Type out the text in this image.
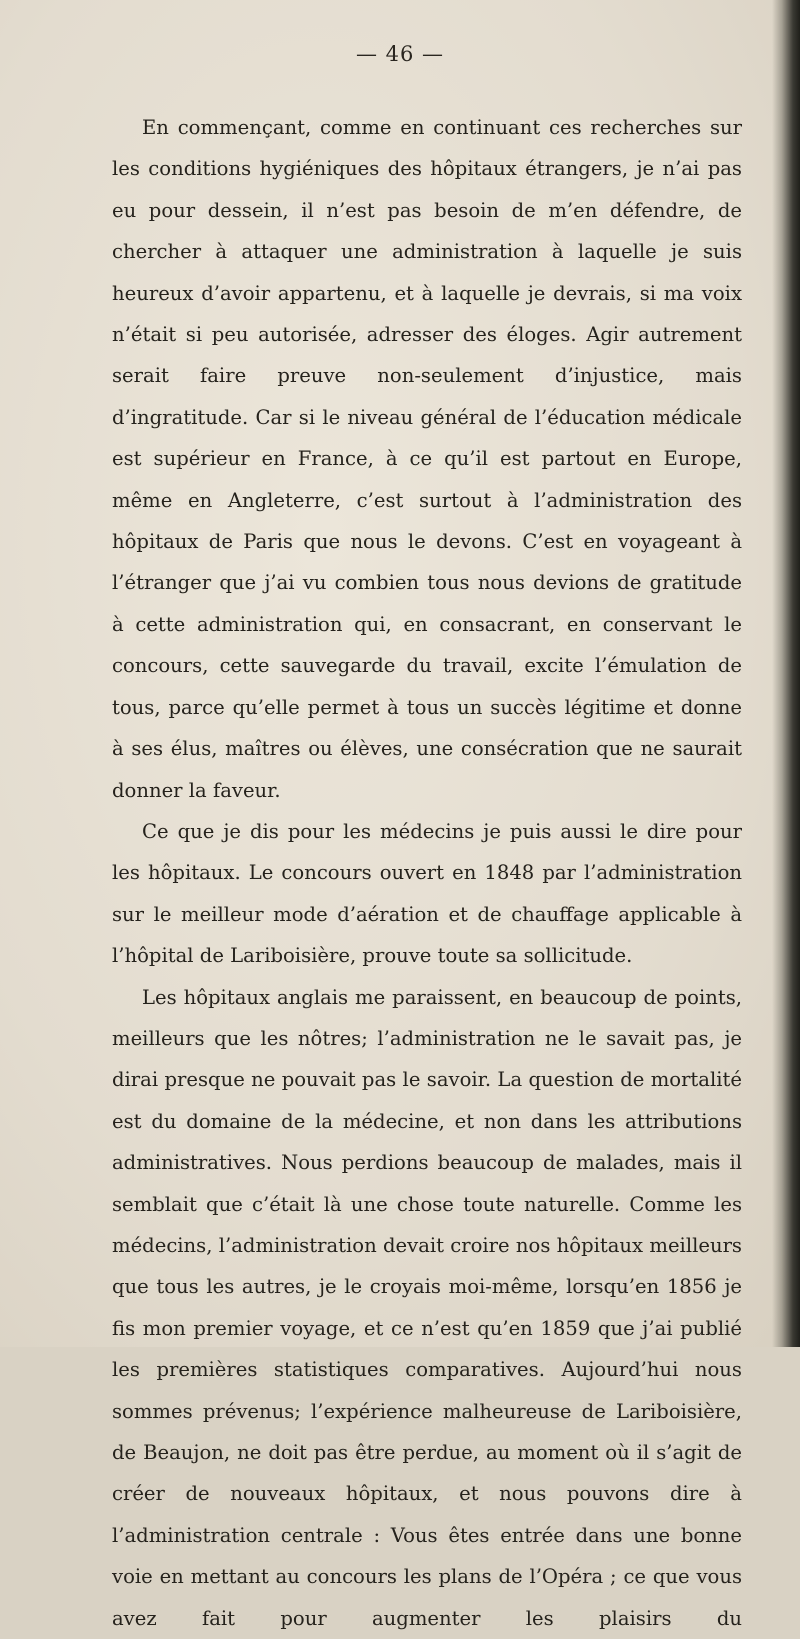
— 46 —

En commençant, comme en continuant ces recherches sur les conditions hygiéniques des hôpitaux étrangers, je n’ai pas eu pour dessein, il n’est pas besoin de m’en défendre, de chercher à attaquer une administration à laquelle je suis heureux d’avoir appartenu, et à laquelle je devrais, si ma voix n’était si peu autorisée, adresser des éloges. Agir autrement serait faire preuve non-seulement d’injustice, mais d’ingratitude. Car si le niveau général de l’éducation médicale est supérieur en France, à ce qu’il est partout en Europe, même en Angleterre, c’est surtout à l’administration des hôpitaux de Paris que nous le devons. C’est en voyageant à l’étranger que j’ai vu combien tous nous devions de gratitude à cette administration qui, en consacrant, en conservant le concours, cette sauvegarde du travail, excite l’émulation de tous, parce qu’elle permet à tous un succès légitime et donne à ses élus, maîtres ou élèves, une consécration que ne saurait donner la faveur.

Ce que je dis pour les médecins je puis aussi le dire pour les hôpitaux. Le concours ouvert en 1848 par l’administration sur le meilleur mode d’aération et de chauffage applicable à l’hôpital de Lariboisière, prouve toute sa sollicitude.

Les hôpitaux anglais me paraissent, en beaucoup de points, meilleurs que les nôtres; l’administration ne le savait pas, je dirai presque ne pouvait pas le savoir. La question de mortalité est du domaine de la médecine, et non dans les attributions administratives. Nous perdions beaucoup de malades, mais il semblait que c’était là une chose toute naturelle. Comme les médecins, l’administration devait croire nos hôpitaux meilleurs que tous les autres, je le croyais moi-même, lorsqu’en 1856 je fis mon premier voyage, et ce n’est qu’en 1859 que j’ai publié les premières statistiques comparatives. Aujourd’hui nous sommes prévenus; l’expérience malheureuse de Lariboisière, de Beaujon, ne doit pas être perdue, au moment où il s’agit de créer de nouveaux hôpitaux, et nous pouvons dire à l’administration centrale : Vous êtes entrée dans une bonne voie en mettant au concours les plans de l’Opéra ; ce que vous avez fait pour augmenter les plaisirs du
